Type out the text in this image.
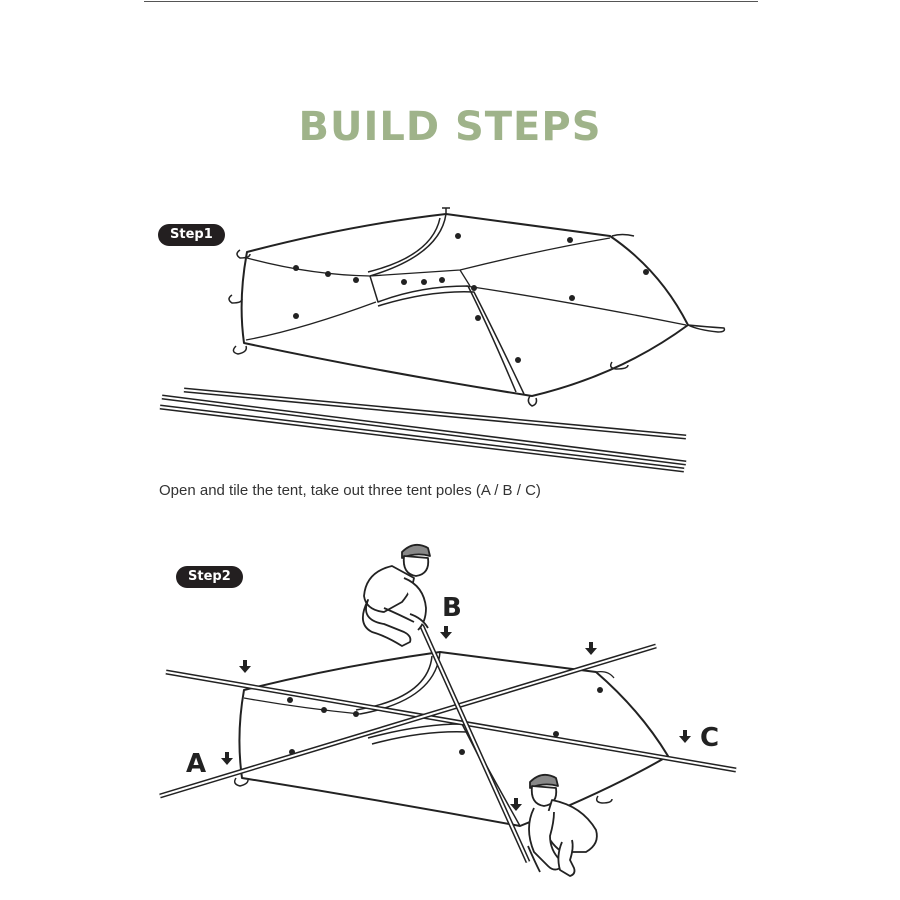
BUILD STEPS
Step1
Open and tile the tent, take out three tent poles (A / B / C)
Step2
A
B
C
